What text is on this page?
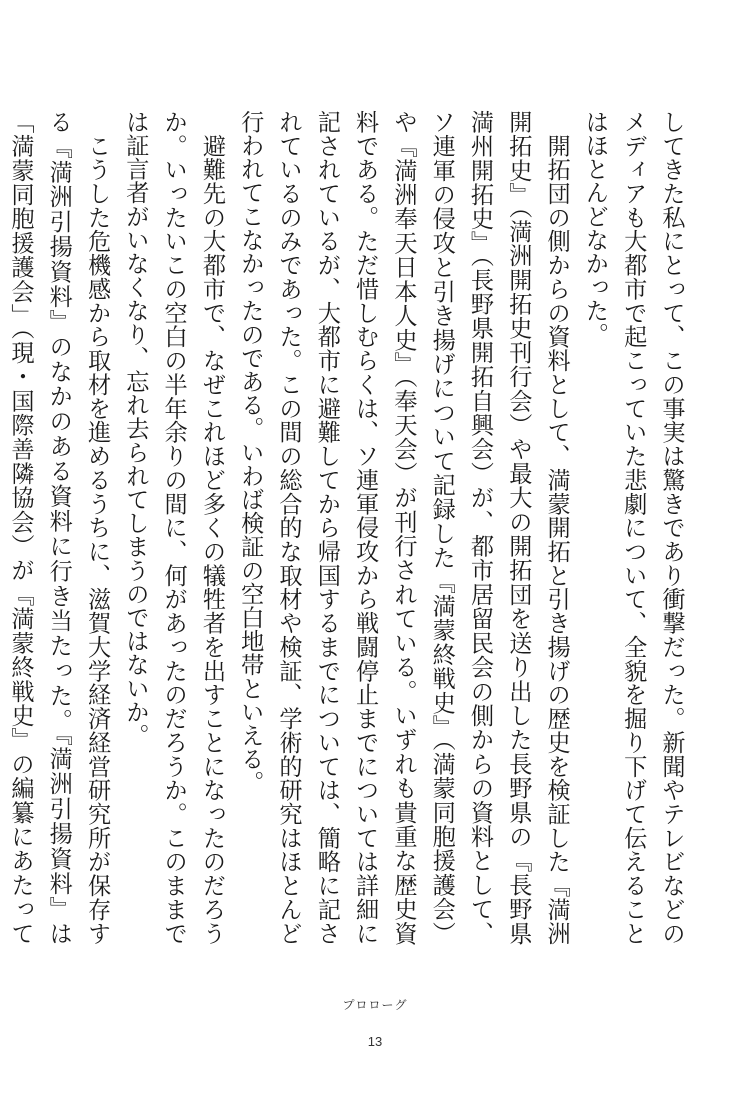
してきた私にとって、この事実は驚きであり衝撃だった。新聞やテレビなどのメディアも大都市で起こっていた悲劇について、全貌を掘り下げて伝えることはほとんどなかった。

　開拓団の側からの資料として、満蒙開拓と引き揚げの歴史を検証した『満洲開拓史』（満洲開拓史刊行会）や最大の開拓団を送り出した長野県の『長野県満州開拓史』（長野県開拓自興会）が、都市居留民会の側からの資料として、ソ連軍の侵攻と引き揚げについて記録した『満蒙終戦史』（満蒙同胞援護会）や『満洲奉天日本人史』（奉天会）が刊行されている。いずれも貴重な歴史資料である。ただ惜しむらくは、ソ連軍侵攻から戦闘停止までについては詳細に記されているが、大都市に避難してから帰国するまでについては、簡略に記されているのみであった。この間の総合的な取材や検証、学術的研究はほとんど行われてこなかったのである。いわば検証の空白地帯といえる。

　避難先の大都市で、なぜこれほど多くの犠牲者を出すことになったのだろうか。いったいこの空白の半年余りの間に、何があったのだろうか。このままでは証言者がいなくなり、忘れ去られてしまうのではないか。

　こうした危機感から取材を進めるうちに、滋賀大学経済経営研究所が保存する『満洲引揚資料』のなかのある資料に行き当たった。『満洲引揚資料』は「満蒙同胞援護会」（現・国際善隣協会）が『満蒙終戦史』の編纂にあたって

プロローグ
13
